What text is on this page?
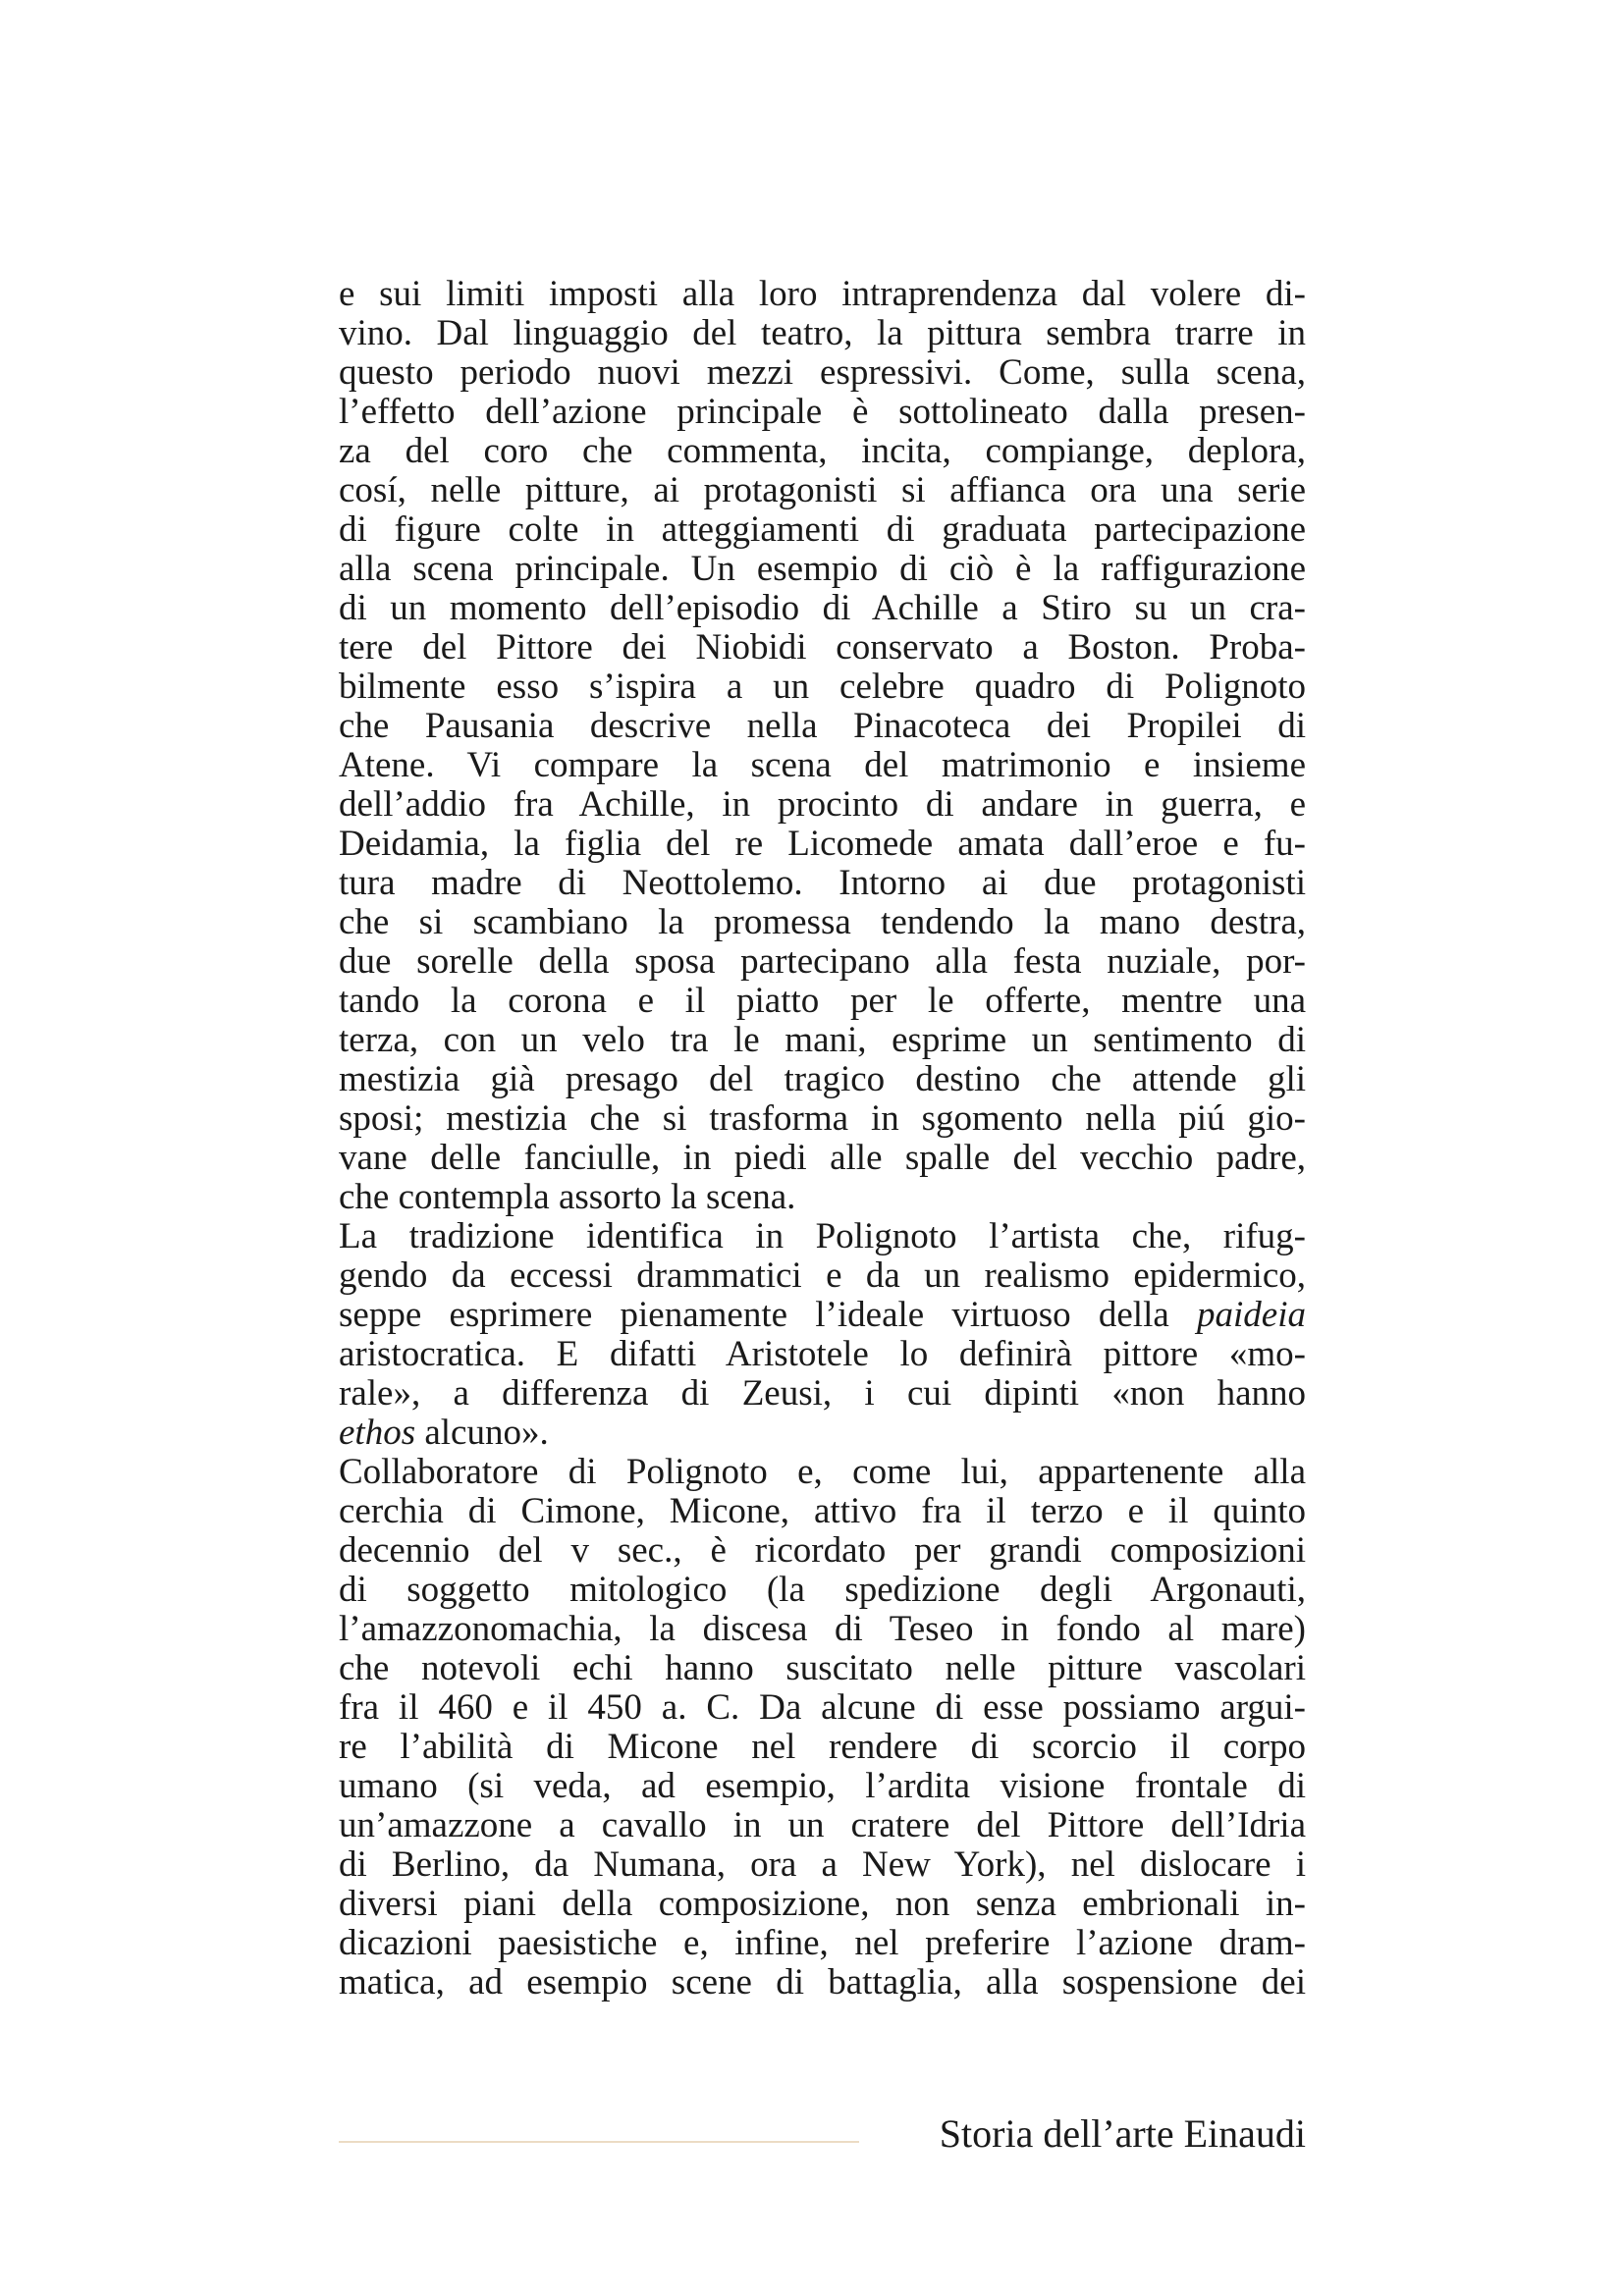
e sui limiti imposti alla loro intraprendenza dal volere di-
vino. Dal linguaggio del teatro, la pittura sembra trarre in
questo periodo nuovi mezzi espressivi. Come, sulla scena,
l’effetto dell’azione principale è sottolineato dalla presen-
za del coro che commenta, incita, compiange, deplora,
cosí, nelle pitture, ai protagonisti si affianca ora una serie
di figure colte in atteggiamenti di graduata partecipazione
alla scena principale. Un esempio di ciò è la raffigurazione
di un momento dell’episodio di Achille a Stiro su un cra-
tere del Pittore dei Niobidi conservato a Boston. Proba-
bilmente esso s’ispira a un celebre quadro di Polignoto
che Pausania descrive nella Pinacoteca dei Propilei di
Atene. Vi compare la scena del matrimonio e insieme
dell’addio fra Achille, in procinto di andare in guerra, e
Deidamia, la figlia del re Licomede amata dall’eroe e fu-
tura madre di Neottolemo. Intorno ai due protagonisti
che si scambiano la promessa tendendo la mano destra,
due sorelle della sposa partecipano alla festa nuziale, por-
tando la corona e il piatto per le offerte, mentre una
terza, con un velo tra le mani, esprime un sentimento di
mestizia già presago del tragico destino che attende gli
sposi; mestizia che si trasforma in sgomento nella piú gio-
vane delle fanciulle, in piedi alle spalle del vecchio padre,
che contempla assorto la scena.
La tradizione identifica in Polignoto l’artista che, rifug-
gendo da eccessi drammatici e da un realismo epidermico,
seppe esprimere pienamente l’ideale virtuoso della paideia
aristocratica. E difatti Aristotele lo definirà pittore «mo-
rale», a differenza di Zeusi, i cui dipinti «non hanno
ethos alcuno».
Collaboratore di Polignoto e, come lui, appartenente alla
cerchia di Cimone, Micone, attivo fra il terzo e il quinto
decennio del v sec., è ricordato per grandi composizioni
di soggetto mitologico (la spedizione degli Argonauti,
l’amazzonomachia, la discesa di Teseo in fondo al mare)
che notevoli echi hanno suscitato nelle pitture vascolari
fra il 460 e il 450 a. C. Da alcune di esse possiamo argui-
re l’abilità di Micone nel rendere di scorcio il corpo
umano (si veda, ad esempio, l’ardita visione frontale di
un’amazzone a cavallo in un cratere del Pittore dell’Idria
di Berlino, da Numana, ora a New York), nel dislocare i
diversi piani della composizione, non senza embrionali in-
dicazioni paesistiche e, infine, nel preferire l’azione dram-
matica, ad esempio scene di battaglia, alla sospensione dei
Storia dell’arte Einaudi
